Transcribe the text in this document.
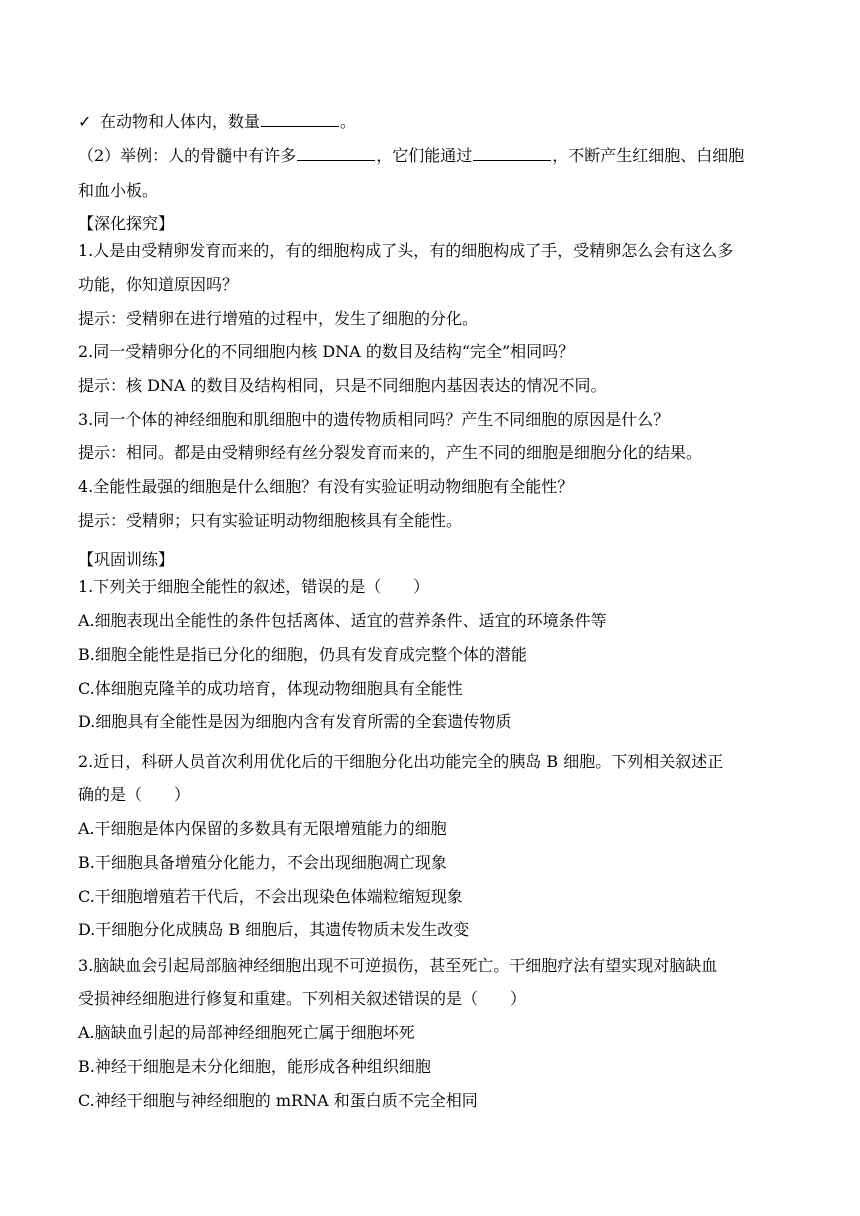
✓ 在动物和人体内，数量	。
（2）举例：人的骨髓中有许多	，它们能通过	，不断产生红细胞、白细胞
和血小板。
【深化探究】
1.人是由受精卵发育而来的，有的细胞构成了头，有的细胞构成了手，受精卵怎么会有这么多
功能，你知道原因吗？
提示：受精卵在进行增殖的过程中，发生了细胞的分化。
2.同一受精卵分化的不同细胞内核 DNA 的数目及结构“完全”相同吗？
提示：核 DNA 的数目及结构相同，只是不同细胞内基因表达的情况不同。
3.同一个体的神经细胞和肌细胞中的遗传物质相同吗？产生不同细胞的原因是什么？
提示：相同。都是由受精卵经有丝分裂发育而来的，产生不同的细胞是细胞分化的结果。
4.全能性最强的细胞是什么细胞？有没有实验证明动物细胞有全能性？
提示：受精卵；只有实验证明动物细胞核具有全能性。
【巩固训练】
1.下列关于细胞全能性的叙述，错误的是（　　）
A.细胞表现出全能性的条件包括离体、适宜的营养条件、适宜的环境条件等
B.细胞全能性是指已分化的细胞，仍具有发育成完整个体的潜能
C.体细胞克隆羊的成功培育，体现动物细胞具有全能性
D.细胞具有全能性是因为细胞内含有发育所需的全套遗传物质
2.近日，科研人员首次利用优化后的干细胞分化出功能完全的胰岛 B 细胞。下列相关叙述正
确的是（　　）
A.干细胞是体内保留的多数具有无限增殖能力的细胞
B.干细胞具备增殖分化能力，不会出现细胞凋亡现象
C.干细胞增殖若干代后，不会出现染色体端粒缩短现象
D.干细胞分化成胰岛 B 细胞后，其遗传物质未发生改变
3.脑缺血会引起局部脑神经细胞出现不可逆损伤，甚至死亡。干细胞疗法有望实现对脑缺血
受损神经细胞进行修复和重建。下列相关叙述错误的是（　　）
A.脑缺血引起的局部神经细胞死亡属于细胞坏死
B.神经干细胞是未分化细胞，能形成各种组织细胞
C.神经干细胞与神经细胞的 mRNA 和蛋白质不完全相同
